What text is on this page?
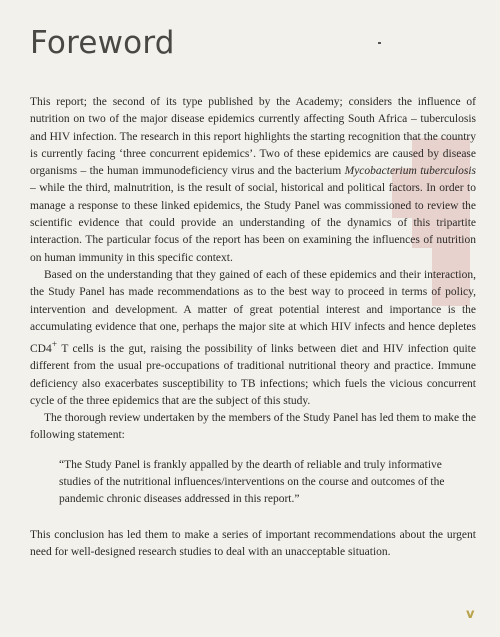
Foreword

This report; the second of its type published by the Academy; considers the influence of nutrition on two of the major disease epidemics currently affecting South Africa – tuberculosis and HIV infection. The research in this report highlights the starting recognition that the country is currently facing ‘three concurrent epidemics’. Two of these epidemics are caused by disease organisms – the human immunodeficiency virus and the bacterium Mycobacterium tuberculosis – while the third, malnutrition, is the result of social, historical and political factors. In order to manage a response to these linked epidemics, the Study Panel was commissioned to review the scientific evidence that could provide an understanding of the dynamics of this tripartite interaction. The particular focus of the report has been on examining the influences of nutrition on human immunity in this specific context.

Based on the understanding that they gained of each of these epidemics and their interaction, the Study Panel has made recommendations as to the best way to proceed in terms of policy, intervention and development. A matter of great potential interest and importance is the accumulating evidence that one, perhaps the major site at which HIV infects and hence depletes CD4+ T cells is the gut, raising the possibility of links between diet and HIV infection quite different from the usual pre-occupations of traditional nutritional theory and practice. Immune deficiency also exacerbates susceptibility to TB infections; which fuels the vicious concurrent cycle of the three epidemics that are the subject of this study.

The thorough review undertaken by the members of the Study Panel has led them to make the following statement:

“The Study Panel is frankly appalled by the dearth of reliable and truly informative studies of the nutritional influences/interventions on the course and outcomes of the pandemic chronic diseases addressed in this report.”

This conclusion has led them to make a series of important recommendations about the urgent need for well-designed research studies to deal with an unacceptable situation.

v
